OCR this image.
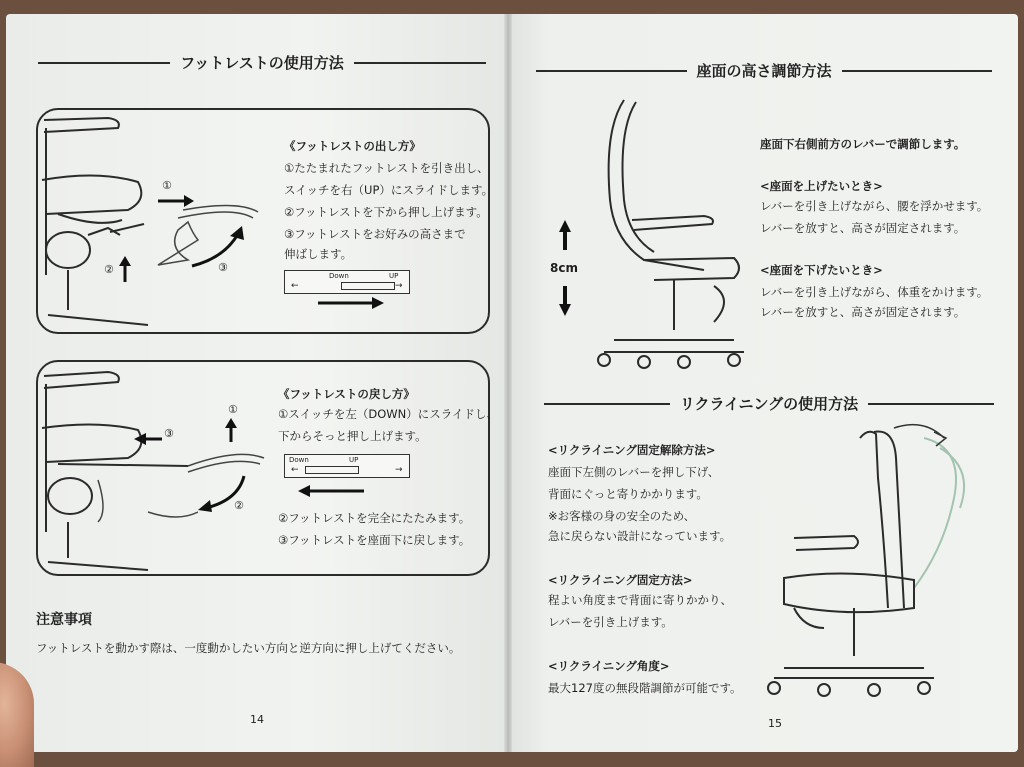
フットレストの使用方法
①
②	③
《フットレストの出し方》
①たたまれたフットレストを引き出し、
スイッチを右（UP）にスライドします。
②フットレストを下から押し上げます。
③フットレストをお好みの高さまで
伸ばします。
Down	UP
←	→
①
③
②
《フットレストの戻し方》
①スイッチを左（DOWN）にスライドし、
下からそっと押し上げます。
Down	UP
←	→
②フットレストを完全にたたみます。
③フットレストを座面下に戻します。
注意事項
フットレストを動かす際は、一度動かしたい方向と逆方向に押し上げてください。
14
座面の高さ調節方法
8cm
座面下右側前方のレバーで調節します。
<座面を上げたいとき>
レバーを引き上げながら、腰を浮かせます。
レバーを放すと、高さが固定されます。
<座面を下げたいとき>
レバーを引き上げながら、体重をかけます。
レバーを放すと、高さが固定されます。
リクライニングの使用方法
<リクライニング固定解除方法>
座面下左側のレバーを押し下げ、
背面にぐっと寄りかかります。
※お客様の身の安全のため、
急に戻らない設計になっています。
<リクライニング固定方法>
程よい角度まで背面に寄りかかり、
レバーを引き上げます。
<リクライニング角度>
最大127度の無段階調節が可能です。
15
